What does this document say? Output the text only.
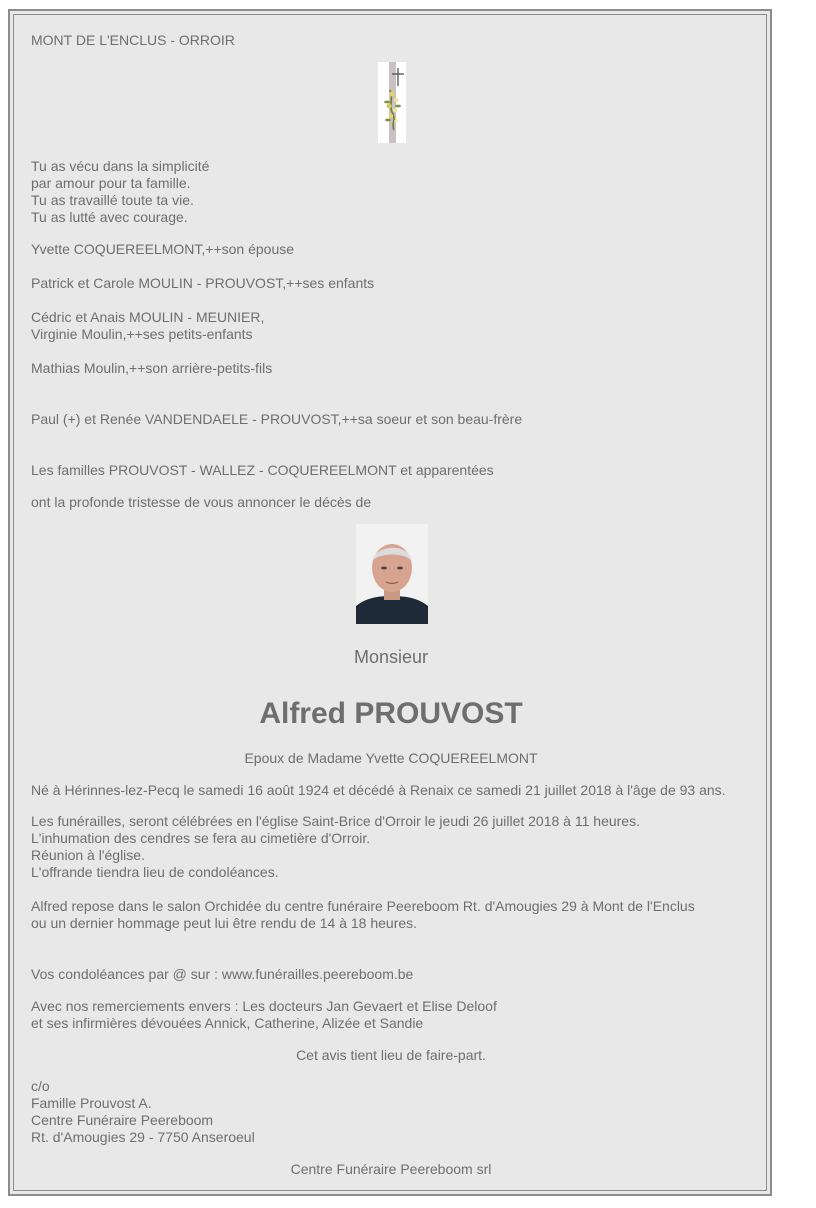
MONT DE L'ENCLUS - ORROIR

Tu as vécu dans la simplicité

par amour pour ta famille.

Tu as travaillé toute ta vie.

Tu as lutté avec courage.

Yvette COQUEREELMONT,++son épouse

Patrick et Carole MOULIN - PROUVOST,++ses enfants

Cédric et Anais MOULIN - MEUNIER,

Virginie Moulin,++ses petits-enfants

Mathias Moulin,++son arrière-petits-fils

Paul (+) et Renée VANDENDAELE - PROUVOST,++sa soeur et son beau-frère

Les familles PROUVOST - WALLEZ - COQUEREELMONT et apparentées

ont la profonde tristesse de vous annoncer le décès de

Monsieur

Alfred PROUVOST

Epoux de Madame Yvette COQUEREELMONT

Né à Hérinnes-lez-Pecq le samedi 16 août 1924 et décédé à Renaix ce samedi 21 juillet 2018 à l'âge de 93 ans.

Les funérailles, seront célébrées en l'église Saint-Brice d'Orroir le jeudi 26 juillet 2018 à 11 heures.

L'inhumation des cendres se fera au cimetière d'Orroir.

Réunion à l'église.

L'offrande tiendra lieu de condoléances.

Alfred repose dans le salon Orchidée du centre funéraire Peereboom Rt. d'Amougies 29 à Mont de l'Enclus

ou un dernier hommage peut lui être rendu de 14 à 18 heures.

Vos condoléances par @ sur : www.funérailles.peereboom.be

Avec nos remerciements envers : Les docteurs Jan Gevaert et Elise Deloof

et ses infirmières dévouées Annick, Catherine, Alizée et Sandie

Cet avis tient lieu de faire-part.

c/o

Famille Prouvost A.

Centre Funéraire Peereboom

Rt. d'Amougies 29 - 7750 Anseroeul

Centre Funéraire Peereboom srl
